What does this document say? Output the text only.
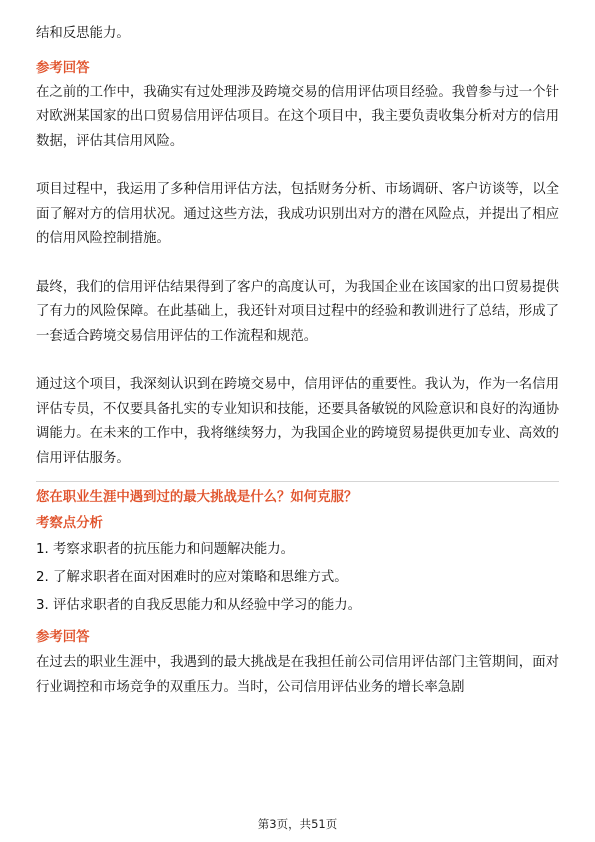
结和反思能力。

参考回答

在之前的工作中，我确实有过处理涉及跨境交易的信用评估项目经验。我曾参与过一个针对欧洲某国家的出口贸易信用评估项目。在这个项目中，我主要负责收集分析对方的信用数据，评估其信用风险。

项目过程中，我运用了多种信用评估方法，包括财务分析、市场调研、客户访谈等，以全面了解对方的信用状况。通过这些方法，我成功识别出对方的潜在风险点，并提出了相应的信用风险控制措施。

最终，我们的信用评估结果得到了客户的高度认可，为我国企业在该国家的出口贸易提供了有力的风险保障。在此基础上，我还针对项目过程中的经验和教训进行了总结，形成了一套适合跨境交易信用评估的工作流程和规范。

通过这个项目，我深刻认识到在跨境交易中，信用评估的重要性。我认为，作为一名信用评估专员，不仅要具备扎实的专业知识和技能，还要具备敏锐的风险意识和良好的沟通协调能力。在未来的工作中，我将继续努力，为我国企业的跨境贸易提供更加专业、高效的信用评估服务。

您在职业生涯中遇到过的最大挑战是什么？如何克服？

考察点分析

1. 考察求职者的抗压能力和问题解决能力。

2. 了解求职者在面对困难时的应对策略和思维方式。

3. 评估求职者的自我反思能力和从经验中学习的能力。

参考回答

在过去的职业生涯中，我遇到的最大挑战是在我担任前公司信用评估部门主管期间，面对行业调控和市场竞争的双重压力。当时，公司信用评估业务的增长率急剧

第3页，共51页
